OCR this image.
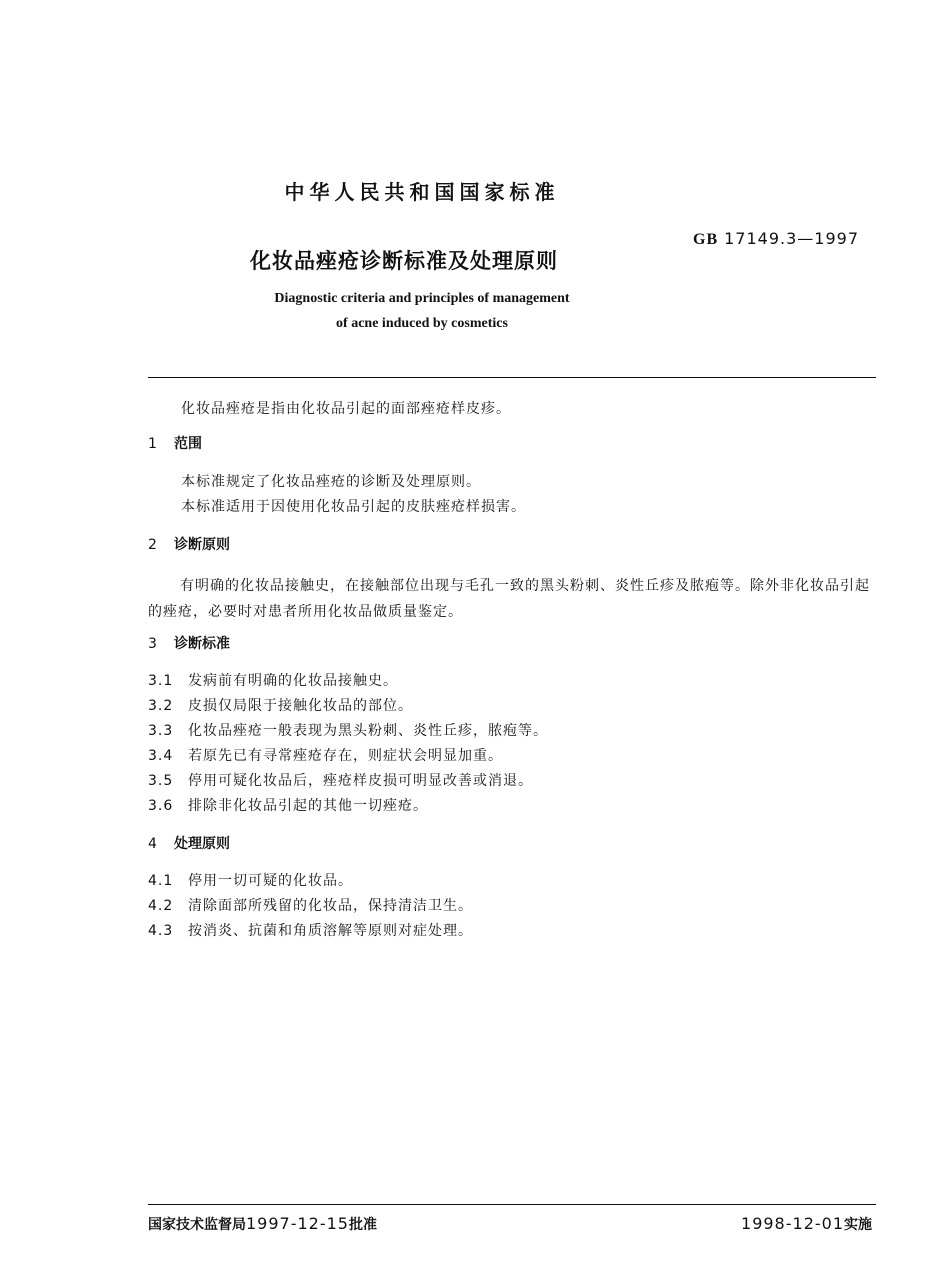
中华人民共和国国家标准
GB 17149.3—1997
化妆品痤疮诊断标准及处理原则
Diagnostic criteria and principles of management
of acne induced by cosmetics
化妆品痤疮是指由化妆品引起的面部痤疮样皮疹。
1 范围
本标准规定了化妆品痤疮的诊断及处理原则。
本标准适用于因使用化妆品引起的皮肤痤疮样损害。
2 诊断原则
有明确的化妆品接触史，在接触部位出现与毛孔一致的黑头粉刺、炎性丘疹及脓疱等。除外非化妆品引起的痤疮，必要时对患者所用化妆品做质量鉴定。
3 诊断标准
3.1 发病前有明确的化妆品接触史。
3.2 皮损仅局限于接触化妆品的部位。
3.3 化妆品痤疮一般表现为黑头粉刺、炎性丘疹，脓疱等。
3.4 若原先已有寻常痤疮存在，则症状会明显加重。
3.5 停用可疑化妆品后，痤疮样皮损可明显改善或消退。
3.6 排除非化妆品引起的其他一切痤疮。
4 处理原则
4.1 停用一切可疑的化妆品。
4.2 清除面部所残留的化妆品，保持清洁卫生。
4.3 按消炎、抗菌和角质溶解等原则对症处理。
国家技术监督局1997-12-15批准	1998-12-01实施
